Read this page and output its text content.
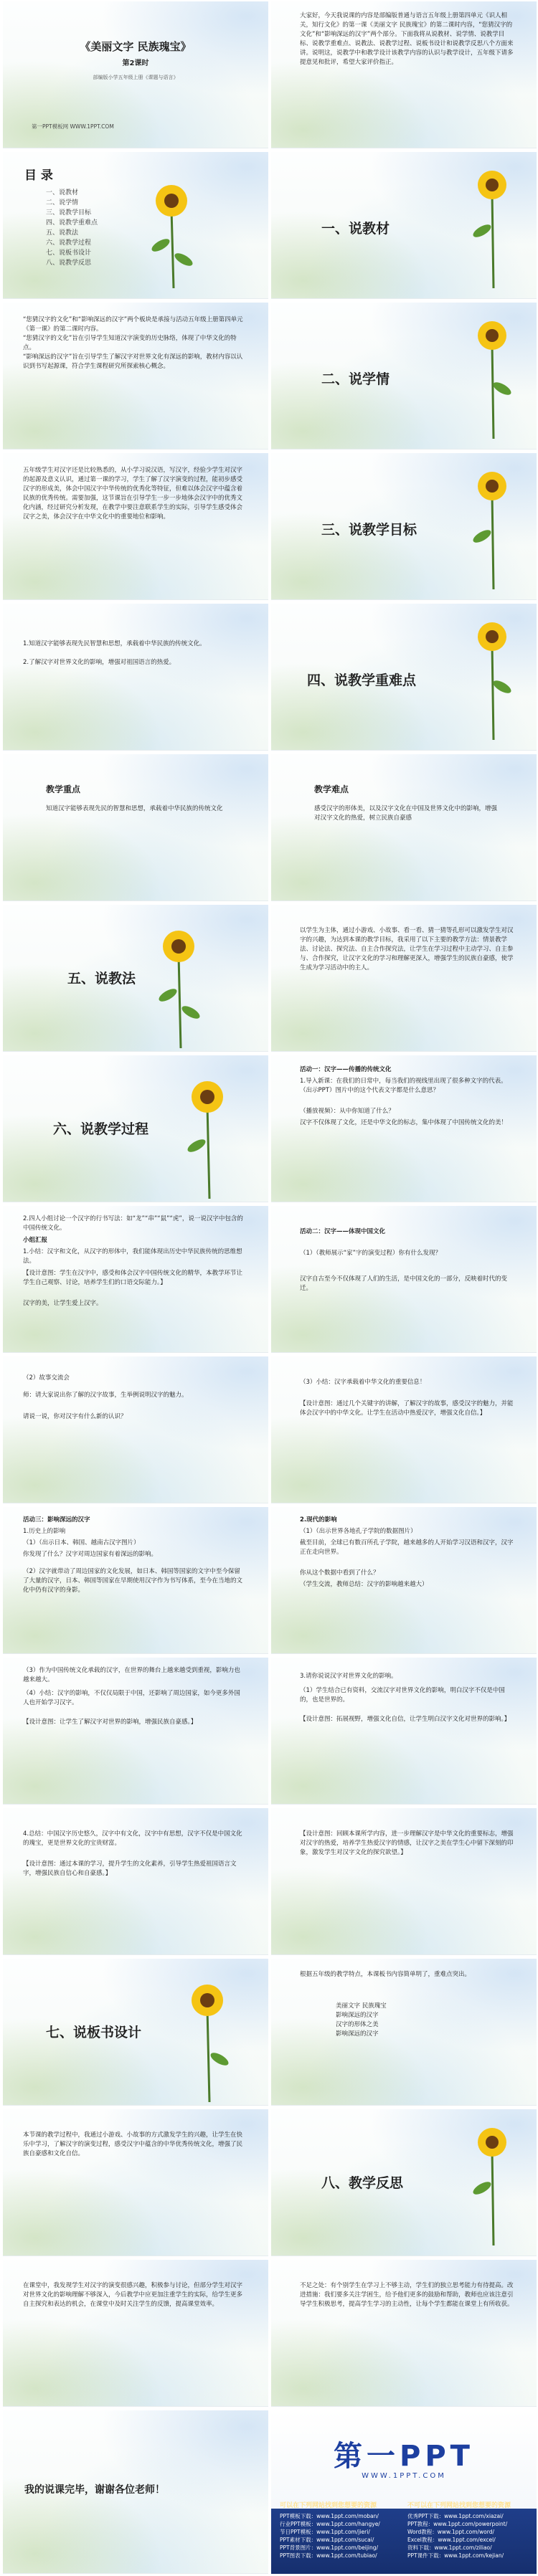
《美丽文字 民族瑰宝》
第2课时
部编版小学五年级上册《课题与语言》
第一PPT模板网 WWW.1PPT.COM
大家好，今天我说课的内容是部编版普通与语言五年级上册第四单元《识人相关，知行文化》的第一课《美丽文字 民族瑰宝》的第二课时内容，“您猜汉字的文化”和“影响深远的汉字”两个部分。下面我将从说教材、说学情、说教学目标、说教学重难点、说教法、说教学过程、说板书设计和说教学反思八个方面来讲。说明这，说教学中和教学设计该教学内容的认识与教学设计，五年级下请多提意见和批评，希望大家评价指正。
目 录
一、说教材
二、说学情
三、说教学目标
四、说教学重难点
五、说教法
六、说教学过程
七、说板书设计
八、说教学反思
一、说教材
“您猜汉字的文化”和“影响深远的汉字”两个板块是承接与活动五年级上册第四单元《第一课》的第二课时内容。
“您猜汉字的文化”旨在引导学生知道汉字演变的历史脉络，体现了中华文化的特点。
“影响深远的汉字”旨在引导学生了解汉字对世界文化有深远的影响，教材内容以认识到书写起源课，符合学生课程研究所探索核心概念。
二、说学情
五年级学生对汉字还是比较熟悉的，从小学习说汉语，写汉字，经验少学生对汉字的起源及意义认识，通过第一课的学习，学生了解了汉字演变的过程，能初步感受汉字的形成美，体会中国汉字中华传统的优秀化等特征，但难以体会汉字中蕴含着民族的优秀传统。需要加强，这节课旨在引导学生一步一步地体会汉字中的优秀文化内涵，经过研究分析发现，在教学中要注意联系学生的实际，引导学生感受体会汉字之美，体会汉字在中华文化中的重要地位和影响。
三、说教学目标
1.知道汉字能够表现先民智慧和思想，承载着中华民族的传统文化。
2.了解汉字对世界文化的影响，增强对祖国语言的热爱。
四、说教学重难点
教学重点
知道汉字能够表现先民的智慧和思想，承载着中华民族的传统文化
教学难点
感受汉字的形体美，以及汉字文化在中国及世界文化中的影响，增强对汉字文化的热爱，树立民族自豪感
五、说教法
以学生为主体，通过小游戏、小故事、看一看、猜一猜等孔形可以激发学生对汉字的兴趣，为达到本课的教学目标，我采用了以下主要的教学方法：情景教学法、讨论法、探究法、自主合作探究法，让学生在学习过程中主动学习、自主参与、合作探究，让汉字文化的学习和理解更深入，增强学生的民族自豪感，使学生成为学习活动中的主人。
六、说教学过程
活动一：汉字——传播的传统文化
1.导入新课：在我们的日常中，每当我们的视线里出现了很多种文字的代表。（出示PPT）图片中的这个代表文字都是什么意思？
（播放视频）：从中你知道了什么？
汉字不仅体现了文化，还是中华文化的标志，集中体现了中国传统文化的美！
2.四人小组讨论一个汉字的行书写法：如“龙”“串”“鼠”“虎”，说一说汉字中包含的中国传统文化。
小组汇报
1.小结：汉字和文化，从汉字的形体中，我们能体现出历史中华民族传统的思维想法。
【设计意图：学生在汉字中，感受和体会汉字中国传统文化的精华，本教学环节让学生自己观察、讨论，培养学生们的口语交际能力。】
汉字的美，让学生爱上汉字。
活动二：汉字——体现中国文化
（1）（教师展示“家”字的演变过程）你有什么发现？
汉字自古至今不仅体现了人们的生活，是中国文化的一部分，反映着时代的变迁。
（2）故事交流会
师：请大家说出你了解的汉字故事，生举例说明汉字的魅力。
请说一说，你对汉字有什么新的认识？
（3）小结：汉字承载着中华文化的重要信息！
【设计意图：通过几个关键字的讲解，了解汉字的故事，感受汉字的魅力，并能体会汉字中的中华文化。让学生在活动中热爱汉字，增强文化自信。】
活动三：影响深远的汉字
1.历史上的影响
（1）（出示日本、韩国、越南古汉字图片）
你发现了什么？汉字对周边国家有着深远的影响。
（2）汉字就带动了周边国家的文化发展，如日本、韩国等国家的文字中至今保留了大量的汉字，日本、韩国等国家在早期使用汉字作为书写体系，至今在当地的文化中仍有汉字的身影。
2.现代的影响
（1）（出示世界各地孔子学院的数据图片）
截至目前，全球已有数百所孔子学院，越来越多的人开始学习汉语和汉字，汉字正在走向世界。
你从这个数据中看到了什么？
（学生交流，教师总结：汉字的影响越来越大）
（3）作为中国传统文化承载的汉字，在世界的舞台上越来越受到重视，影响力也越来越大。
（4）小结：汉字的影响，不仅仅局限于中国，还影响了周边国家，如今更多外国人也开始学习汉字。
【设计意图：让学生了解汉字对世界的影响，增强民族自豪感。】
3.请你说说汉字对世界文化的影响。
（1）学生结合已有资料，交流汉字对世界文化的影响，明白汉字不仅是中国的，也是世界的。
【设计意图：拓展视野，增强文化自信，让学生明白汉字文化对世界的影响。】
4.总结：中国汉字历史悠久，汉字中有文化，汉字中有思想，汉字不仅是中国文化的瑰宝，更是世界文化的宝贵财富。
【设计意图：通过本课的学习，提升学生的文化素养，引导学生热爱祖国语言文字，增强民族自信心和自豪感。】
【设计意图：回顾本课所学内容，进一步理解汉字是中华文化的重要标志，增强对汉字的热爱，培养学生热爱汉字的情感，让汉字之美在学生心中留下深刻的印象，激发学生对汉字文化的探究欲望。】
七、说板书设计
根据五年级的教学特点，本课板书内容简单明了，重难点突出。
美丽文字 民族瑰宝
影响深远的汉字
汉字的形体之美
影响深远的汉字
本节课的教学过程中，我通过小游戏、小故事的方式激发学生的兴趣，让学生在快乐中学习，了解汉字的演变过程，感受汉字中蕴含的中华优秀传统文化，增强了民族自豪感和文化自信。
八、教学反思
在课堂中，我发现学生对汉字的演变很感兴趣，积极参与讨论，但部分学生对汉字对世界文化的影响理解不够深入，今后教学中应更加注重学生的实际，给学生更多自主探究和表达的机会，在课堂中及时关注学生的反馈，提高课堂效率。
不足之处：有个别学生在学习上不够主动，学生们的独立思考能力有待提高。改进措施：我们要多关注学困生，给予他们更多的鼓励和帮助，教师也应该注意引导学生积极思考，提高学生学习的主动性，让每个学生都能在课堂上有所收获。
我的说课完毕，谢谢各位老师！
第一PPT
WWW.1PPT.COM
可以在下列网站找到您想要的资源
PPT模板下载：www.1ppt.com/moban/
行业PPT模板：www.1ppt.com/hangye/
节日PPT模板：www.1ppt.com/jieri/
PPT素材下载：www.1ppt.com/sucai/
PPT背景图片：www.1ppt.com/beijing/
PPT图表下载：www.1ppt.com/tubiao/
不可以在下列网站找到您想要的资源
优秀PPT下载：www.1ppt.com/xiazai/
PPT教程：www.1ppt.com/powerpoint/
Word教程：www.1ppt.com/word/
Excel教程：www.1ppt.com/excel/
资料下载：www.1ppt.com/ziliao/
PPT课件下载：www.1ppt.com/kejian/
